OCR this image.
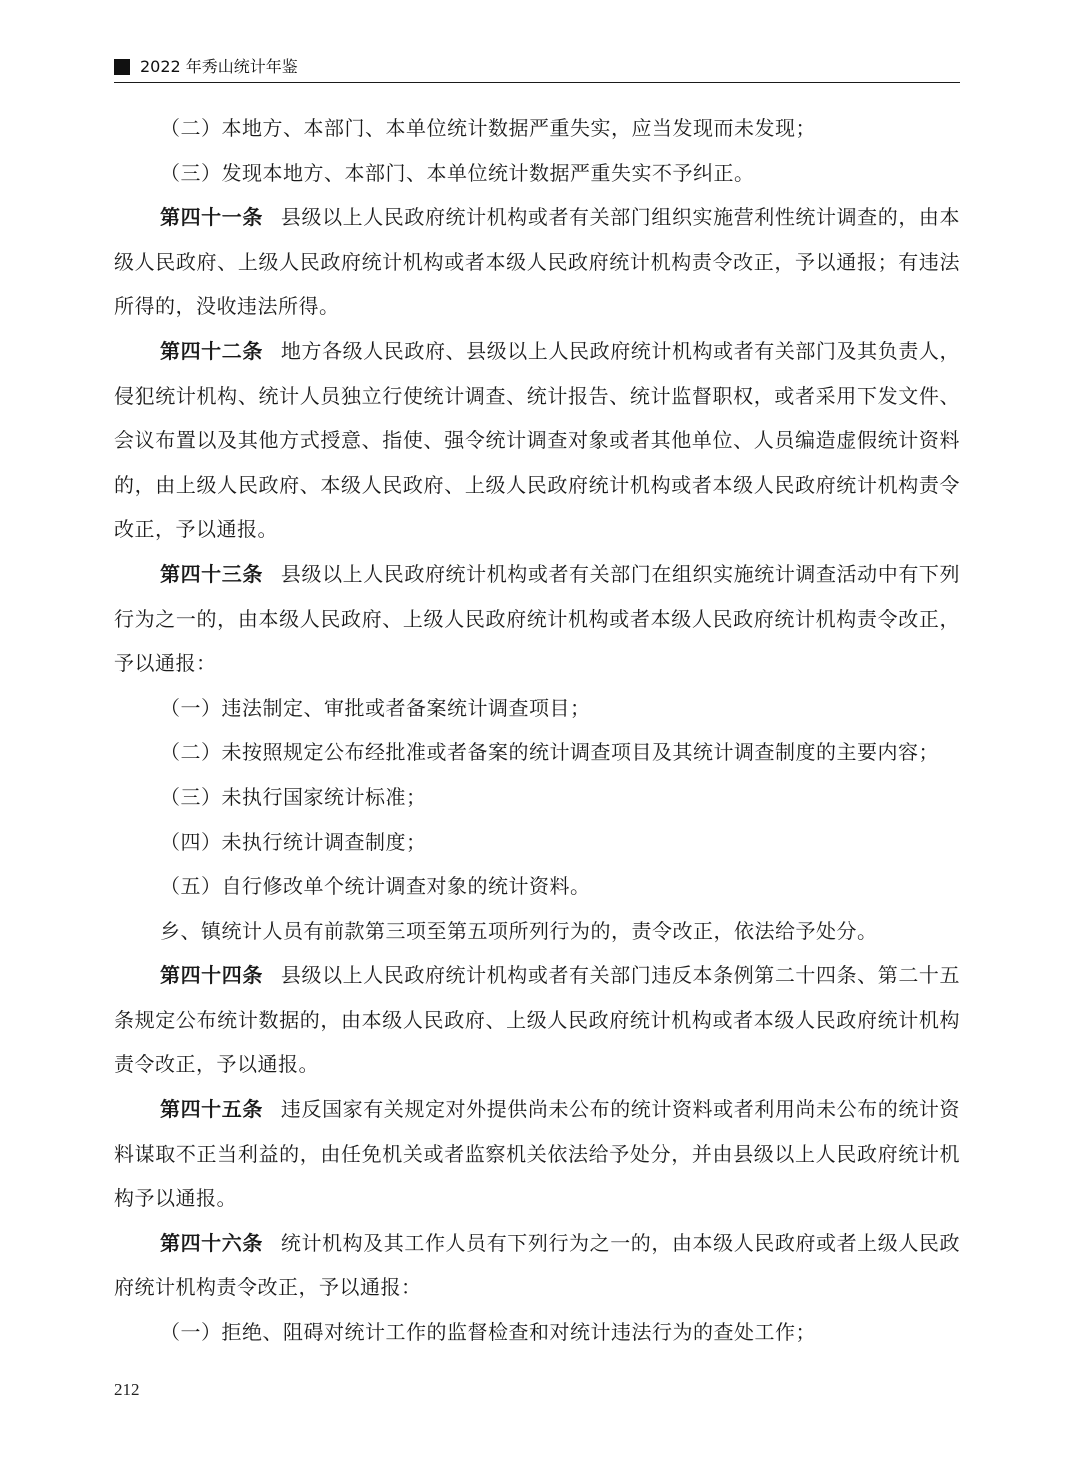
2022 年秀山统计年鉴

（二）本地方、本部门、本单位统计数据严重失实，应当发现而未发现；

（三）发现本地方、本部门、本单位统计数据严重失实不予纠正。

第四十一条 县级以上人民政府统计机构或者有关部门组织实施营利性统计调查的，由本级人民政府、上级人民政府统计机构或者本级人民政府统计机构责令改正，予以通报；有违法所得的，没收违法所得。

第四十二条 地方各级人民政府、县级以上人民政府统计机构或者有关部门及其负责人，侵犯统计机构、统计人员独立行使统计调查、统计报告、统计监督职权，或者采用下发文件、会议布置以及其他方式授意、指使、强令统计调查对象或者其他单位、人员编造虚假统计资料的，由上级人民政府、本级人民政府、上级人民政府统计机构或者本级人民政府统计机构责令改正，予以通报。

第四十三条 县级以上人民政府统计机构或者有关部门在组织实施统计调查活动中有下列行为之一的，由本级人民政府、上级人民政府统计机构或者本级人民政府统计机构责令改正，予以通报：

（一）违法制定、审批或者备案统计调查项目；

（二）未按照规定公布经批准或者备案的统计调查项目及其统计调查制度的主要内容；

（三）未执行国家统计标准；

（四）未执行统计调查制度；

（五）自行修改单个统计调查对象的统计资料。

乡、镇统计人员有前款第三项至第五项所列行为的，责令改正，依法给予处分。

第四十四条 县级以上人民政府统计机构或者有关部门违反本条例第二十四条、第二十五条规定公布统计数据的，由本级人民政府、上级人民政府统计机构或者本级人民政府统计机构责令改正，予以通报。

第四十五条 违反国家有关规定对外提供尚未公布的统计资料或者利用尚未公布的统计资料谋取不正当利益的，由任免机关或者监察机关依法给予处分，并由县级以上人民政府统计机构予以通报。

第四十六条 统计机构及其工作人员有下列行为之一的，由本级人民政府或者上级人民政府统计机构责令改正，予以通报：

（一）拒绝、阻碍对统计工作的监督检查和对统计违法行为的查处工作；

212
